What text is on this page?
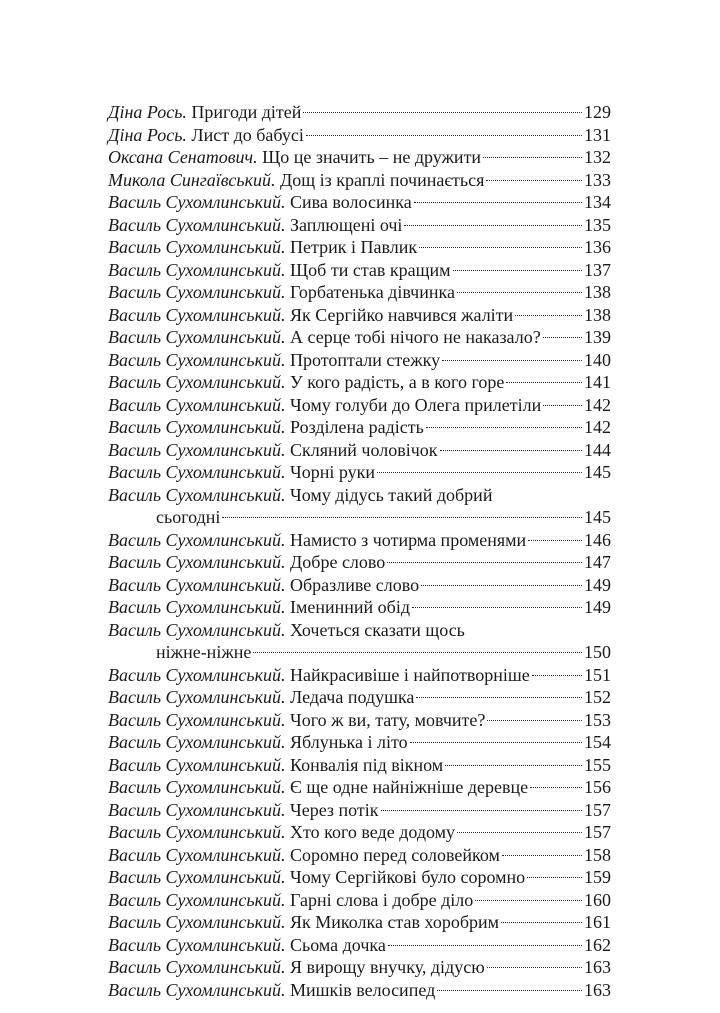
Діна Рось. Пригоди дітей	129
Діна Рось. Лист до бабусі	131
Оксана Сенатович. Що це значить – не дружити	132
Микола Сингаївський. Дощ із краплі починається	133
Василь Сухомлинський. Сива волосинка	134
Василь Сухомлинський. Заплющені очі	135
Василь Сухомлинський. Петрик і Павлик	136
Василь Сухомлинський. Щоб ти став кращим	137
Василь Сухомлинський. Горбатенька дівчинка	138
Василь Сухомлинський. Як Сергійко навчився жаліти	138
Василь Сухомлинський. А серце тобі нічого не наказало? 139
Василь Сухомлинський. Протоптали стежку	140
Василь Сухомлинський. У кого радість, а в кого горе	141
Василь Сухомлинський. Чому голуби до Олега прилетіли 142
Василь Сухомлинський. Розділена радість	142
Василь Сухомлинський. Скляний чоловічок	144
Василь Сухомлинський. Чорні руки	145
Василь Сухомлинський. Чому дідусь такий добрий
сьогодні	145
Василь Сухомлинський. Намисто з чотирма променями	146
Василь Сухомлинський. Добре слово	147
Василь Сухомлинський. Образливе слово	149
Василь Сухомлинський. Іменинний обід	149
Василь Сухомлинський. Хочеться сказати щось
ніжне-ніжне	150
Василь Сухомлинський. Найкрасивіше і найпотворніше	151
Василь Сухомлинський. Ледача подушка	152
Василь Сухомлинський. Чого ж ви, тату, мовчите?	153
Василь Сухомлинський. Яблунька і літо	154
Василь Сухомлинський. Конвалія під вікном	155
Василь Сухомлинський. Є ще одне найніжніше деревце	156
Василь Сухомлинський. Через потік	157
Василь Сухомлинський. Хто кого веде додому	157
Василь Сухомлинський. Соромно перед соловейком	158
Василь Сухомлинський. Чому Сергійкові було соромно	159
Василь Сухомлинський. Гарні слова і добре діло	160
Василь Сухомлинський. Як Миколка став хоробрим	161
Василь Сухомлинський. Сьома дочка	162
Василь Сухомлинський. Я вирощу внучку, дідусю	163
Василь Сухомлинський. Мишків велосипед	163
